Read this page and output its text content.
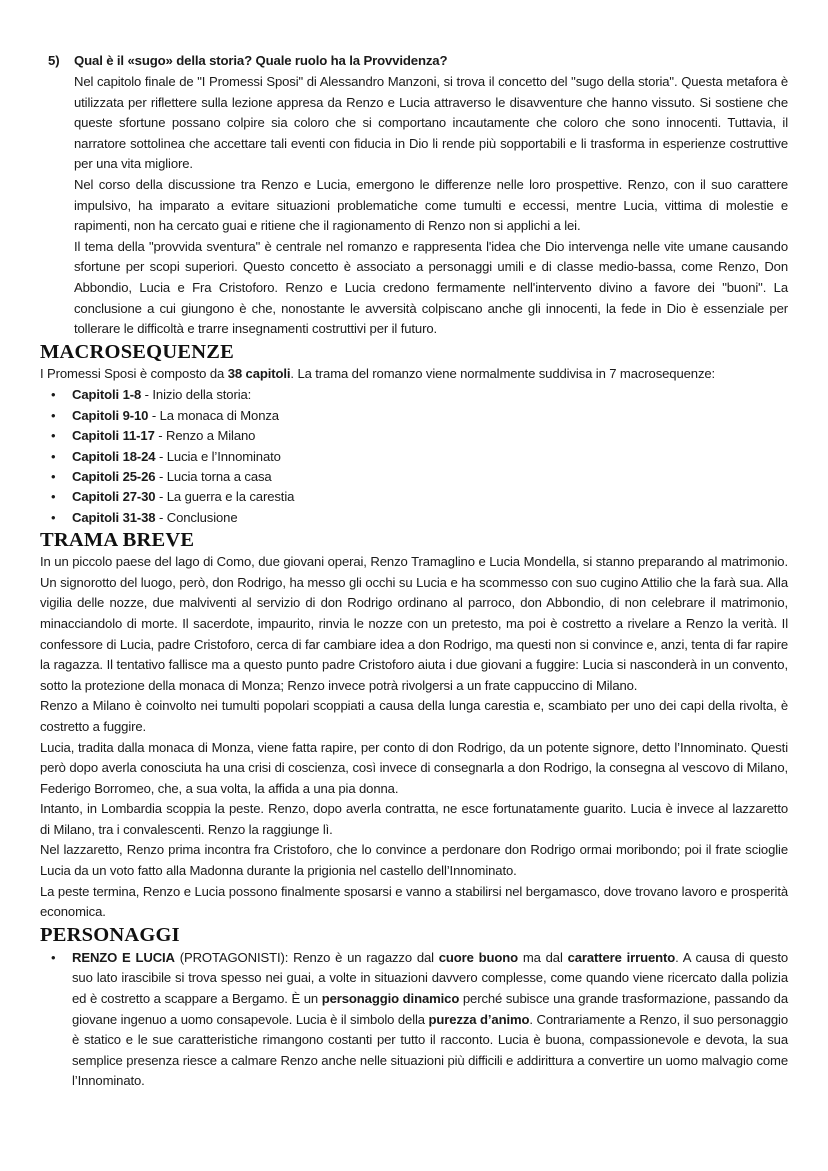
5) Qual è il «sugo» della storia? Quale ruolo ha la Provvidenza?

Nel capitolo finale de "I Promessi Sposi" di Alessandro Manzoni, si trova il concetto del "sugo della storia". Questa metafora è utilizzata per riflettere sulla lezione appresa da Renzo e Lucia attraverso le disavventure che hanno vissuto. Si sostiene che queste sfortune possano colpire sia coloro che si comportano incautamente che coloro che sono innocenti. Tuttavia, il narratore sottolinea che accettare tali eventi con fiducia in Dio li rende più sopportabili e li trasforma in esperienze costruttive per una vita migliore.

Nel corso della discussione tra Renzo e Lucia, emergono le differenze nelle loro prospettive. Renzo, con il suo carattere impulsivo, ha imparato a evitare situazioni problematiche come tumulti e eccessi, mentre Lucia, vittima di molestie e rapimenti, non ha cercato guai e ritiene che il ragionamento di Renzo non si applichi a lei.

Il tema della "provvida sventura" è centrale nel romanzo e rappresenta l'idea che Dio intervenga nelle vite umane causando sfortune per scopi superiori. Questo concetto è associato a personaggi umili e di classe medio-bassa, come Renzo, Don Abbondio, Lucia e Fra Cristoforo. Renzo e Lucia credono fermamente nell'intervento divino a favore dei "buoni". La conclusione a cui giungono è che, nonostante le avversità colpiscano anche gli innocenti, la fede in Dio è essenziale per tollerare le difficoltà e trarre insegnamenti costruttivi per il futuro.

MACROSEQUENZE

I Promessi Sposi è composto da 38 capitoli. La trama del romanzo viene normalmente suddivisa in 7 macrosequenze:

• Capitoli 1-8 - Inizio della storia:
• Capitoli 9-10 - La monaca di Monza
• Capitoli 11-17 - Renzo a Milano
• Capitoli 18-24 - Lucia e l’Innominato
• Capitoli 25-26 - Lucia torna a casa
• Capitoli 27-30 - La guerra e la carestia
• Capitoli 31-38 - Conclusione
TRAMA BREVE

In un piccolo paese del lago di Como, due giovani operai, Renzo Tramaglino e Lucia Mondella, si stanno preparando al matrimonio. Un signorotto del luogo, però, don Rodrigo, ha messo gli occhi su Lucia e ha scommesso con suo cugino Attilio che la farà sua. Alla vigilia delle nozze, due malviventi al servizio di don Rodrigo ordinano al parroco, don Abbondio, di non celebrare il matrimonio, minacciandolo di morte. Il sacerdote, impaurito, rinvia le nozze con un pretesto, ma poi è costretto a rivelare a Renzo la verità. Il confessore di Lucia, padre Cristoforo, cerca di far cambiare idea a don Rodrigo, ma questi non si convince e, anzi, tenta di far rapire la ragazza. Il tentativo fallisce ma a questo punto padre Cristoforo aiuta i due giovani a fuggire: Lucia si nasconderà in un convento, sotto la protezione della monaca di Monza; Renzo invece potrà rivolgersi a un frate cappuccino di Milano.

Renzo a Milano è coinvolto nei tumulti popolari scoppiati a causa della lunga carestia e, scambiato per uno dei capi della rivolta, è costretto a fuggire.

Lucia, tradita dalla monaca di Monza, viene fatta rapire, per conto di don Rodrigo, da un potente signore, detto l’Innominato. Questi però dopo averla conosciuta ha una crisi di coscienza, così invece di consegnarla a don Rodrigo, la consegna al vescovo di Milano, Federigo Borromeo, che, a sua volta, la affida a una pia donna.

Intanto, in Lombardia scoppia la peste. Renzo, dopo averla contratta, ne esce fortunatamente guarito. Lucia è invece al lazzaretto di Milano, tra i convalescenti. Renzo la raggiunge lì.

Nel lazzaretto, Renzo prima incontra fra Cristoforo, che lo convince a perdonare don Rodrigo ormai moribondo; poi il frate scioglie Lucia da un voto fatto alla Madonna durante la prigionia nel castello dell’Innominato.

La peste termina, Renzo e Lucia possono finalmente sposarsi e vanno a stabilirsi nel bergamasco, dove trovano lavoro e prosperità economica.

PERSONAGGI
• RENZO E LUCIA (PROTAGONISTI): Renzo è un ragazzo dal cuore buono ma dal carattere irruento. A causa di questo suo lato irascibile si trova spesso nei guai, a volte in situazioni davvero complesse, come quando viene ricercato dalla polizia ed è costretto a scappare a Bergamo. È un personaggio dinamico perché subisce una grande trasformazione, passando da giovane ingenuo a uomo consapevole. Lucia è il simbolo della purezza d’animo. Contrariamente a Renzo, il suo personaggio è statico e le sue caratteristiche rimangono costanti per tutto il racconto. Lucia è buona, compassionevole e devota, la sua semplice presenza riesce a calmare Renzo anche nelle situazioni più difficili e addirittura a convertire un uomo malvagio come l’Innominato.
